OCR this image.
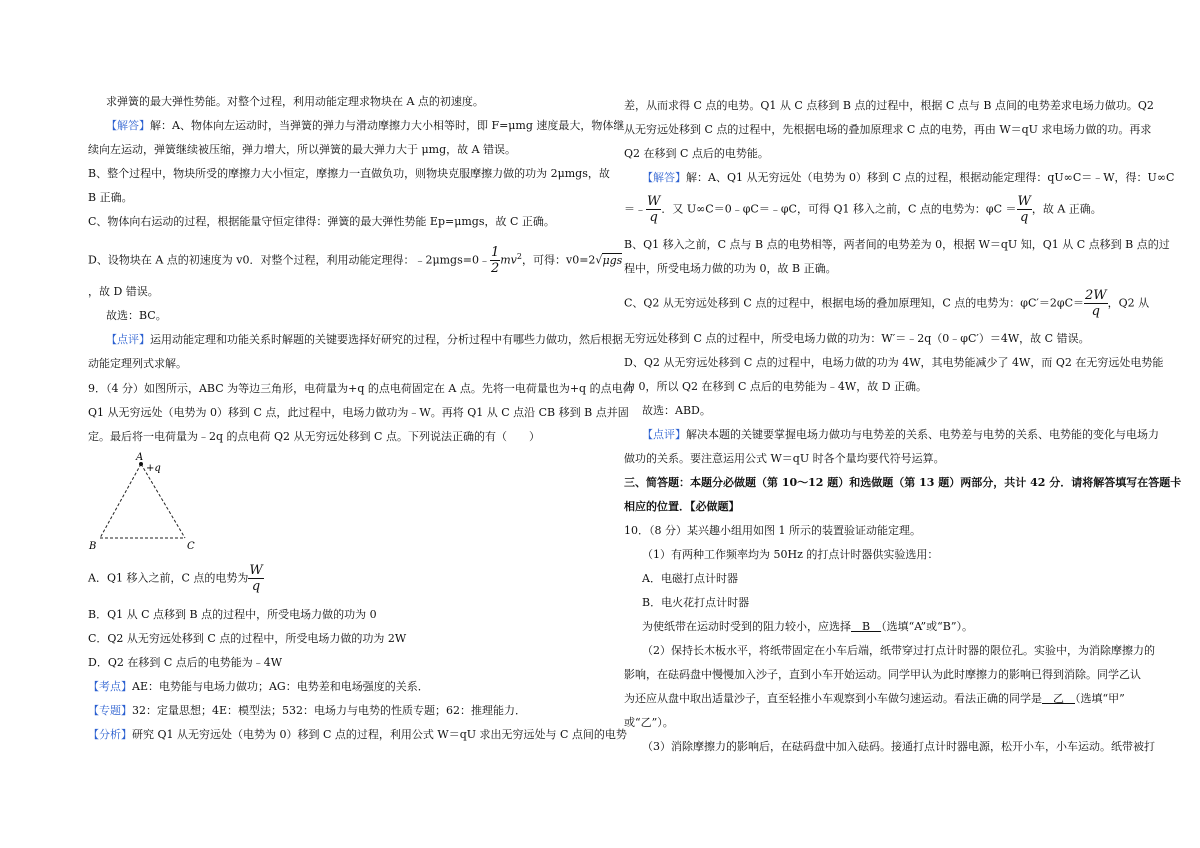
求弹簧的最大弹性势能。对整个过程，利用动能定理求物块在 A 点的初速度。
【解答】解：A、物体向左运动时，当弹簧的弹力与滑动摩擦力大小相等时，即 F=μmg 速度最大，物体继
续向左运动，弹簧继续被压缩，弹力增大，所以弹簧的最大弹力大于 μmg，故 A 错误。
B、整个过程中，物块所受的摩擦力大小恒定，摩擦力一直做负功，则物块克服摩擦力做的功为 2μmgs，故
B 正确。
C、物体向右运动的过程，根据能量守恒定律得：弹簧的最大弹性势能 Ep=μmgs，故 C 正确。
D、设物块在 A 点的初速度为 v0．对整个过程，利用动能定理得：﹣2μmgs=0﹣ $\frac{1}{2} mv^2$，可得：v0=2√μgs
，故 D 错误。
故选：BC。
【点评】运用动能定理和功能关系时解题的关键要选择好研究的过程，分析过程中有哪些力做功，然后根据
动能定理列式求解。
9．（4 分）如图所示，ABC 为等边三角形，电荷量为+q 的点电荷固定在 A 点。先将一电荷量也为+q 的点电荷
Q1 从无穷远处（电势为 0）移到 C 点，此过程中，电场力做功为﹣W。再将 Q1 从 C 点沿 CB 移到 B 点并固
定。最后将一电荷量为﹣2q 的点电荷 Q2 从无穷远处移到 C 点。下列说法正确的有（　　）
A
+q
B	C
A．Q1 移入之前，C 点的电势为 $\frac{W}{q}$
B．Q1 从 C 点移到 B 点的过程中，所受电场力做的功为 0
C．Q2 从无穷远处移到 C 点的过程中，所受电场力做的功为 2W
D．Q2 在移到 C 点后的电势能为﹣4W
【考点】AE：电势能与电场力做功；AG：电势差和电场强度的关系．
【专题】32：定量思想；4E：模型法；532：电场力与电势的性质专题；62：推理能力．
【分析】研究 Q1 从无穷远处（电势为 0）移到 C 点的过程，利用公式 W＝qU 求出无穷远处与 C 点间的电势
差，从而求得 C 点的电势。Q1 从 C 点移到 B 点的过程中，根据 C 点与 B 点间的电势差求电场力做功。Q2
从无穷远处移到 C 点的过程中，先根据电场的叠加原理求 C 点的电势，再由 W＝qU 求电场力做的功。再求
Q2 在移到 C 点后的电势能。
【解答】解：A、Q1 从无穷远处（电势为 0）移到 C 点的过程，根据动能定理得：qU∞C＝﹣W，得：U∞C
＝﹣ $\frac{W}{q}$ ．又 U∞C＝0﹣φC＝﹣φC，可得 Q1 移入之前，C 点的电势为：$\varphi C = \frac{W}{q}$ ，故 A 正确。
B、Q1 移入之前，C 点与 B 点的电势相等，两者间的电势差为 0，根据 W＝qU 知，Q1 从 C 点移到 B 点的过
程中，所受电场力做的功为 0，故 B 正确。
C、Q2 从无穷远处移到 C 点的过程中，根据电场的叠加原理知，C 点的电势为：$\varphi C'=2\varphi C= \frac{2W}{q}$ ，Q2 从
无穷远处移到 C 点的过程中，所受电场力做的功为：W′＝﹣2q（0﹣φC′）＝4W，故 C 错误。
D、Q2 从无穷远处移到 C 点的过程中，电场力做的功为 4W，其电势能减少了 4W，而 Q2 在无穷远处电势能
为 0，所以 Q2 在移到 C 点后的电势能为﹣4W，故 D 正确。
故选：ABD。
【点评】解决本题的关键要掌握电场力做功与电势差的关系、电势差与电势的关系、电势能的变化与电场力
做功的关系。要注意运用公式 W＝qU 时各个量均要代符号运算。
三、简答题：本题分必做题（第 10～12 题）和选做题（第 13 题）两部分，共计 42 分．请将解答填写在答题卡
相应的位置．【必做题】
10．（8 分）某兴趣小组用如图 1 所示的装置验证动能定理。
（1）有两种工作频率均为 50Hz 的打点计时器供实验选用：
A．电磁打点计时器
B．电火花打点计时器
为使纸带在运动时受到的阻力较小，应选择　B　（选填“A”或“B”）。
（2）保持长木板水平，将纸带固定在小车后端，纸带穿过打点计时器的限位孔。实验中，为消除摩擦力的
影响，在砝码盘中慢慢加入沙子，直到小车开始运动。同学甲认为此时摩擦力的影响已得到消除。同学乙认
为还应从盘中取出适量沙子，直至轻推小车观察到小车做匀速运动。看法正确的同学是　乙　（选填“甲”
或“乙”）。
（3）消除摩擦力的影响后，在砝码盘中加入砝码。接通打点计时器电源，松开小车，小车运动。纸带被打
